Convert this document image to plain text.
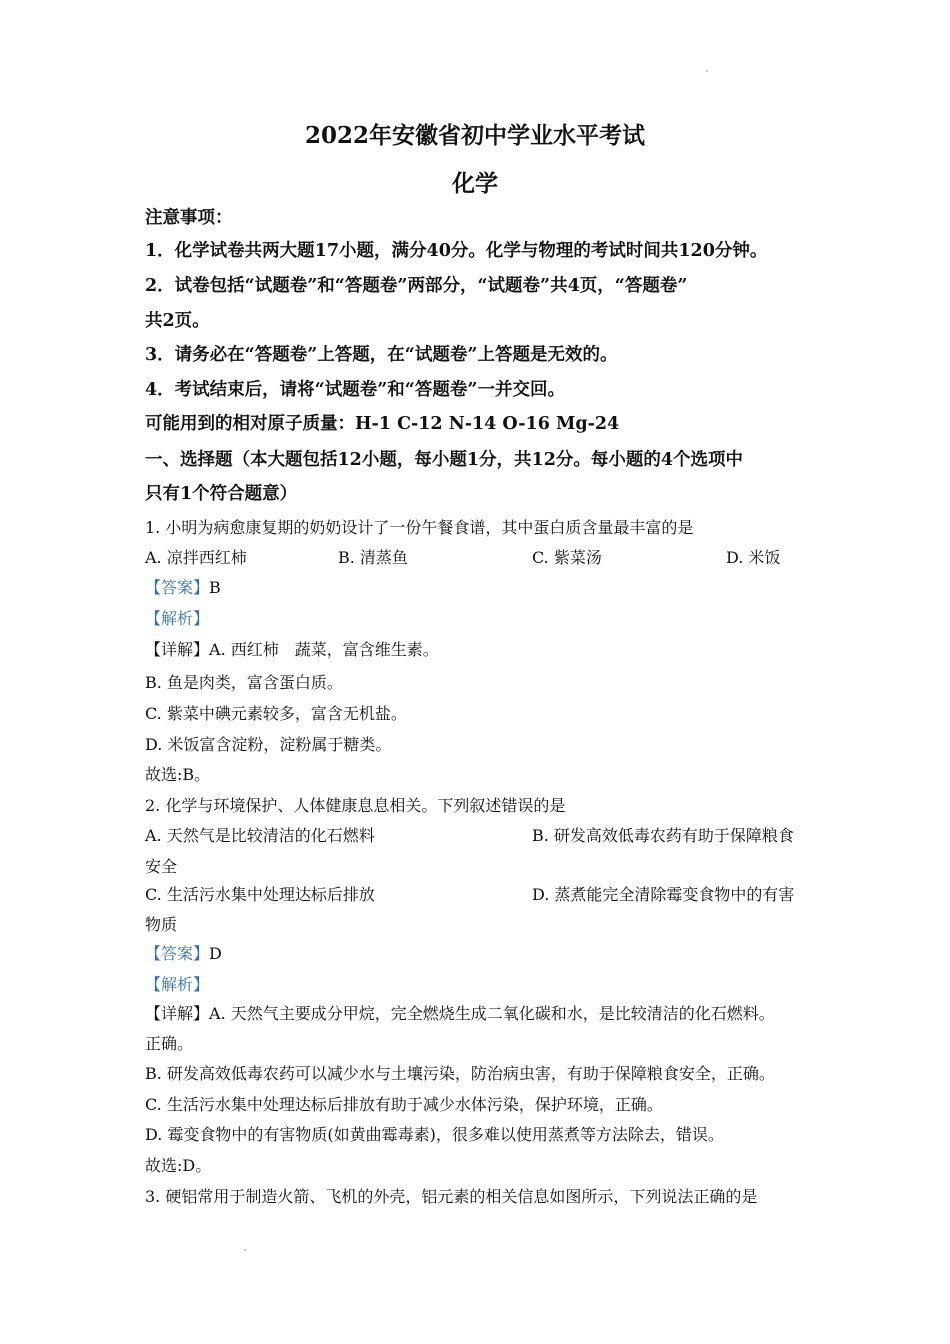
2022年安徽省初中学业水平考试
化学
注意事项：
1．化学试卷共两大题17小题，满分40分。化学与物理的考试时间共120分钟。
2．试卷包括“试题卷”和“答题卷”两部分，“试题卷”共4页，“答题卷”
共2页。
3．请务必在“答题卷”上答题，在“试题卷”上答题是无效的。
4．考试结束后，请将“试题卷”和“答题卷”一并交回。
可能用到的相对原子质量：H-1 C-12 N-14 O-16 Mg-24
一、选择题（本大题包括12小题，每小题1分，共12分。每小题的4个选项中
只有1个符合题意）
1. 小明为病愈康复期的奶奶设计了一份午餐食谱，其中蛋白质含量最丰富的是
A. 凉拌西红柿	B. 清蒸鱼	C. 紫菜汤	D. 米饭
【答案】B
【解析】
【详解】A. 西红柿　蔬菜，富含维生素。
B. 鱼是肉类，富含蛋白质。
C. 紫菜中碘元素较多，富含无机盐。
D. 米饭富含淀粉，淀粉属于糖类。
故选:B。
2. 化学与环境保护、人体健康息息相关。下列叙述错误的是
A. 天然气是比较清洁的化石燃料	B. 研发高效低毒农药有助于保障粮食
安全
C. 生活污水集中处理达标后排放	D. 蒸煮能完全清除霉变食物中的有害
物质
【答案】D
【解析】
【详解】A. 天然气主要成分甲烷，完全燃烧生成二氧化碳和水，是比较清洁的化石燃料。
正确。
B. 研发高效低毒农药可以减少水与土壤污染，防治病虫害，有助于保障粮食安全，正确。
C. 生活污水集中处理达标后排放有助于减少水体污染，保护环境，正确。
D. 霉变食物中的有害物质(如黄曲霉毒素)，很多难以使用蒸煮等方法除去，错误。
故选:D。
3. 硬铝常用于制造火箭、飞机的外壳，铝元素的相关信息如图所示，下列说法正确的是
